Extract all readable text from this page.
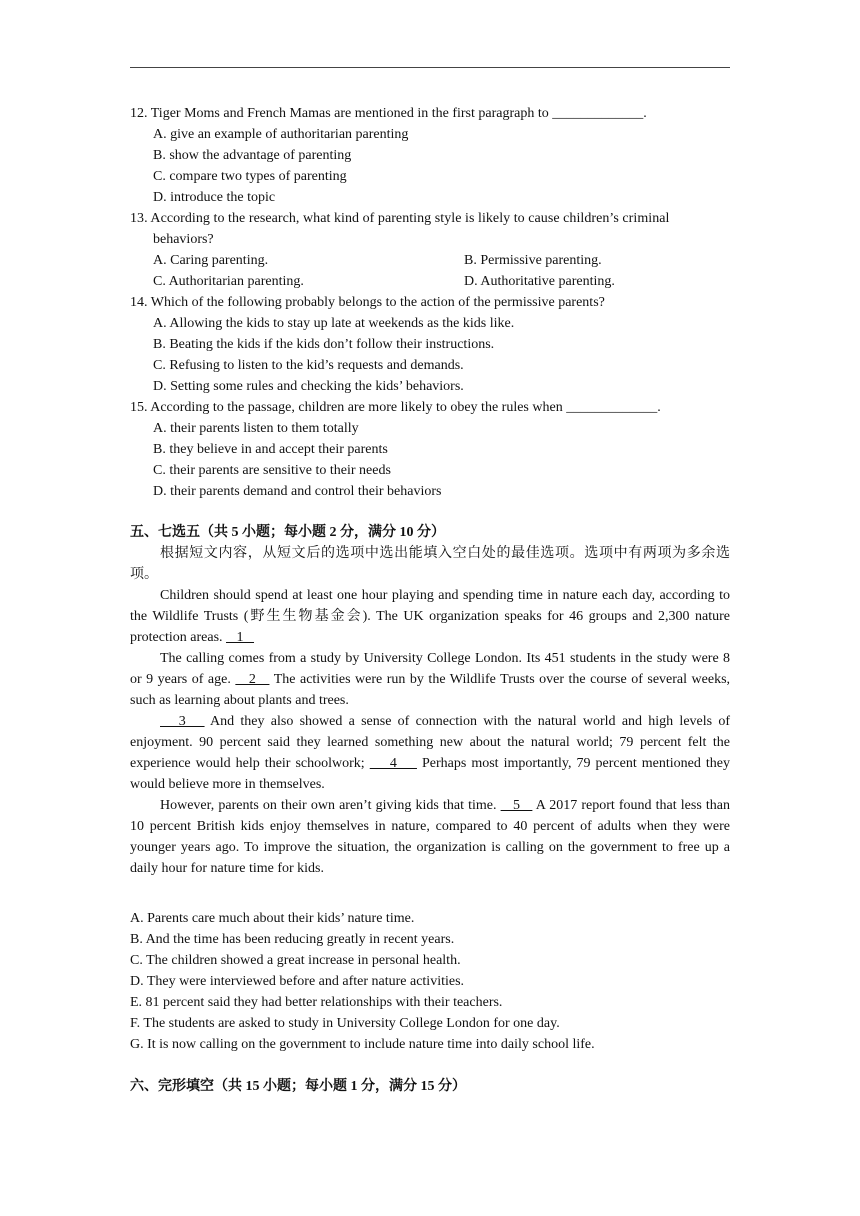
12. Tiger Moms and French Mamas are mentioned in the first paragraph to _____________.
A. give an example of authoritarian parenting
B. show the advantage of parenting
C. compare two types of parenting
D. introduce the topic
13. According to the research, what kind of parenting style is likely to cause children’s criminal
behaviors?
A. Caring parenting.	B. Permissive parenting.
C. Authoritarian parenting.	D. Authoritative parenting.
14. Which of the following probably belongs to the action of the permissive parents?
A. Allowing the kids to stay up late at weekends as the kids like.
B. Beating the kids if the kids don’t follow their instructions.
C. Refusing to listen to the kid’s requests and demands.
D. Setting some rules and checking the kids’ behaviors.
15. According to the passage, children are more likely to obey the rules when _____________.
A. their parents listen to them totally
B. they believe in and accept their parents
C. their parents are sensitive to their needs
D. their parents demand and control their behaviors
五、七选五（共 5 小题；每小题 2 分，满分 10 分）
根据短文内容，从短文后的选项中选出能填入空白处的最佳选项。选项中有两项为多余选项。
Children should spend at least one hour playing and spending time in nature each day, according to the Wildlife Trusts (野生生物基金会). The UK organization speaks for 46 groups and 2,300 nature protection areas.    1
The calling comes from a study by University College London. Its 451 students in the study were 8 or 9 years of age.    2    The activities were run by the Wildlife Trusts over the course of several weeks, such as learning about plants and trees.
3    And they also showed a sense of connection with the natural world and high levels of enjoyment. 90 percent said they learned something new about the natural world; 79 percent felt the experience would help their schoolwork;     4     Perhaps most importantly, 79 percent mentioned they would believe more in themselves.
However, parents on their own aren’t giving kids that time.    5    A 2017 report found that less than 10 percent British kids enjoy themselves in nature, compared to 40 percent of adults when they were younger years ago. To improve the situation, the organization is calling on the government to free up a daily hour for nature time for kids.
A. Parents care much about their kids’ nature time.
B. And the time has been reducing greatly in recent years.
C. The children showed a great increase in personal health.
D. They were interviewed before and after nature activities.
E. 81 percent said they had better relationships with their teachers.
F. The students are asked to study in University College London for one day.
G. It is now calling on the government to include nature time into daily school life.
六、完形填空（共 15 小题；每小题 1 分，满分 15 分）
